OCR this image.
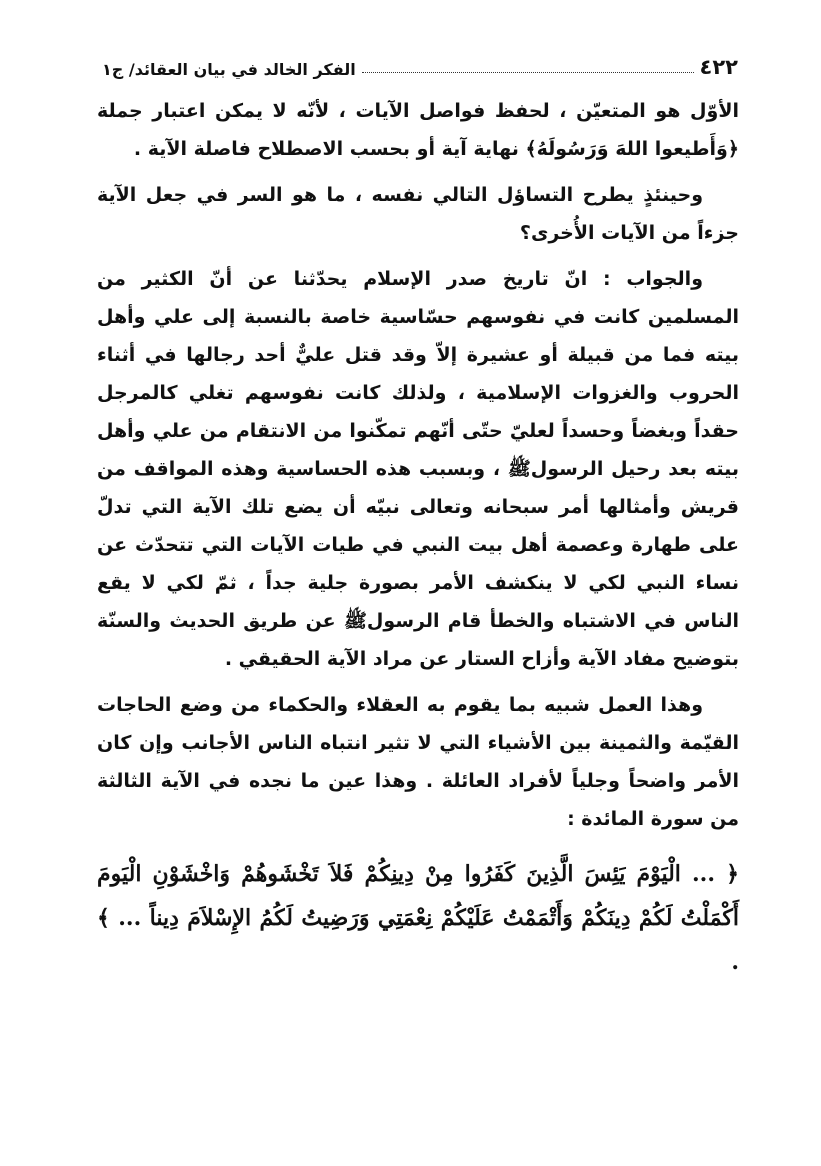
٤٢٢
الفكر الخالد في بيان العقائد/ ج١

الأوّل هو المتعيّن ، لحفظ فواصل الآيات ، لأنّه لا يمكن اعتبار جملة ﴿وَأَطيعوا اللهَ وَرَسُولَهُ﴾ نهاية آية أو بحسب الاصطلاح فاصلة الآية .

وحينئذٍ يطرح التساؤل التالي نفسه ، ما هو السر في جعل الآية جزءاً من الآيات الأُخرى؟

والجواب : انّ تاريخ صدر الإسلام يحدّثنا عن أنّ الكثير من المسلمين كانت في نفوسهم حسّاسية خاصة بالنسبة إلى علي وأهل بيته فما من قبيلة أو عشيرة إلاّ وقد قتل عليٌّ أحد رجالها في أثناء الحروب والغزوات الإسلامية ، ولذلك كانت نفوسهم تغلي كالمرجل حقداً وبغضاً وحسداً لعليّ حتّى أنّهم تمكّنوا من الانتقام من علي وأهل بيته بعد رحيل الرسولﷺ ، وبسبب هذه الحساسية وهذه المواقف من قريش وأمثالها أمر سبحانه وتعالى نبيّه أن يضع تلك الآية التي تدلّ على طهارة وعصمة أهل بيت النبي في طيات الآيات التي تتحدّث عن نساء النبي لكي لا ينكشف الأمر بصورة جلية جداً ، ثمّ لكي لا يقع الناس في الاشتباه والخطأ قام الرسولﷺ عن طريق الحديث والسنّة بتوضيح مفاد الآية وأزاح الستار عن مراد الآية الحقيقي .

وهذا العمل شبيه بما يقوم به العقلاء والحكماء من وضع الحاجات القيّمة والثمينة بين الأشياء التي لا تثير انتباه الناس الأجانب وإن كان الأمر واضحاً وجلياً لأفراد العائلة . وهذا عين ما نجده في الآية الثالثة من سورة المائدة :

﴿ ... الْيَوْمَ يَئِسَ الَّذِينَ كَفَرُوا مِنْ دِينِكُمْ فَلاَ تَخْشَوهُمْ وَاخْشَوْنِ الْيَومَ أَكْمَلْتُ لَكُمْ دِينَكُمْ وَأَتْمَمْتُ عَلَيْكُمْ نِعْمَتِي وَرَضِيتُ لَكُمُ الإِسْلاَمَ دِيناً ... ﴾ .
